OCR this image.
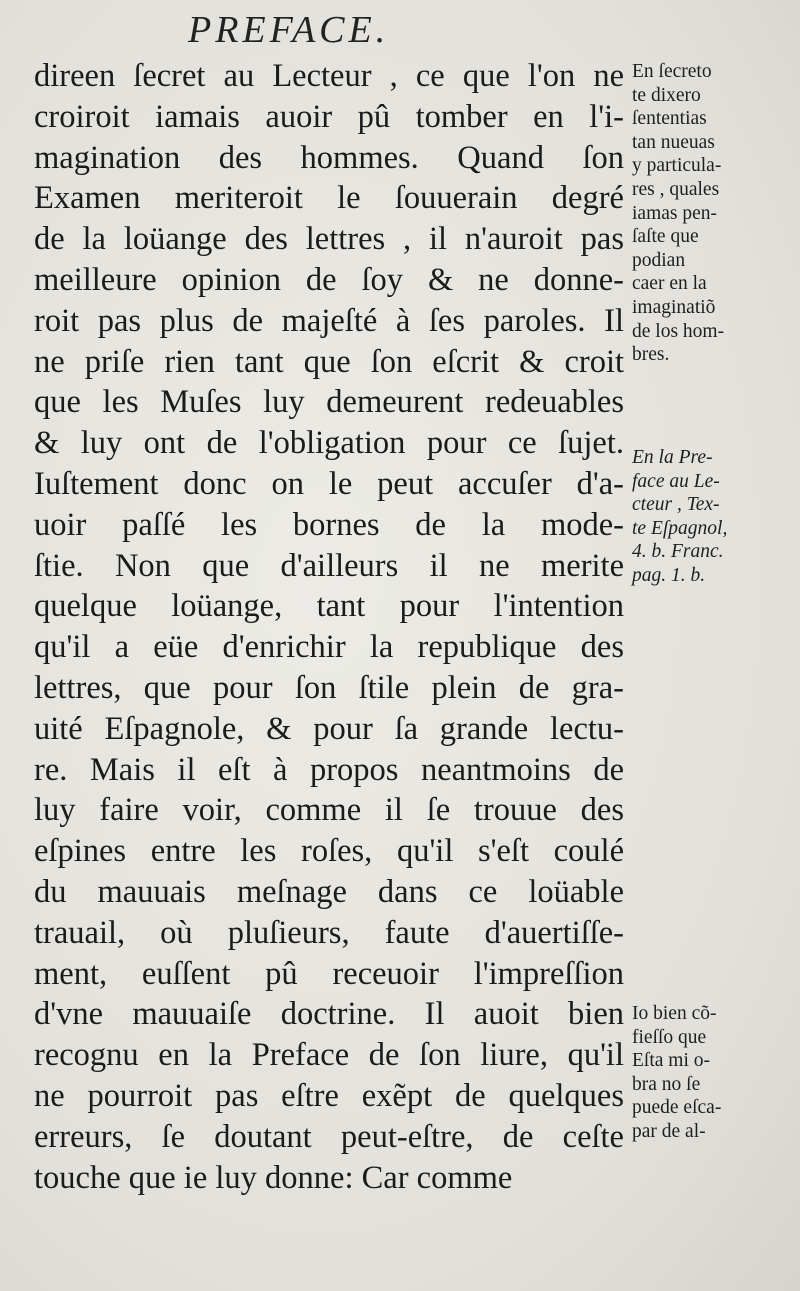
PREFACE.
direen ſecret au Lecteur , ce que l'on ne
croiroit iamais auoir pû tomber en l'i-
magination des hommes. Quand ſon
Examen meriteroit le ſouuerain degré
de la loüange des lettres , il n'auroit pas
meilleure opinion de ſoy & ne donne-
roit pas plus de majeſté à ſes paroles. Il
ne priſe rien tant que ſon eſcrit & croit
que les Muſes luy demeurent redeuables
& luy ont de l'obligation pour ce ſujet.
Iuſtement donc on le peut accuſer d'a-
uoir paſſé les bornes de la mode-
ſtie. Non que d'ailleurs il ne merite
quelque loüange, tant pour l'intention
qu'il a eüe d'enrichir la republique des
lettres, que pour ſon ſtile plein de gra-
uité Eſpagnole, & pour ſa grande lectu-
re. Mais il eſt à propos neantmoins de
luy faire voir, comme il ſe trouue des
eſpines entre les roſes, qu'il s'eſt coulé
du mauuais meſnage dans ce loüable
trauail, où pluſieurs, faute d'auertiſſe-
ment, euſſent pû receuoir l'impreſſion
d'vne mauuaiſe doctrine. Il auoit bien
recognu en la Preface de ſon liure, qu'il
ne pourroit pas eſtre exẽpt de quelques
erreurs, ſe doutant peut-eſtre, de ceſte
touche que ie luy donne: Car comme
En ſecreto
te dixero
ſententias
tan nueuas
y particula-
res , quales
iamas pen-
ſaſte que
podian
caer en la
imaginatiõ
de los hom-
bres.
En la Pre-
face au Le-
cteur , Tex-
te Eſpagnol,
4. b. Franc.
pag. 1. b.
Io bien cõ-
fieſſo que
Eſta mi o-
bra no ſe
puede eſca-
par de al-
